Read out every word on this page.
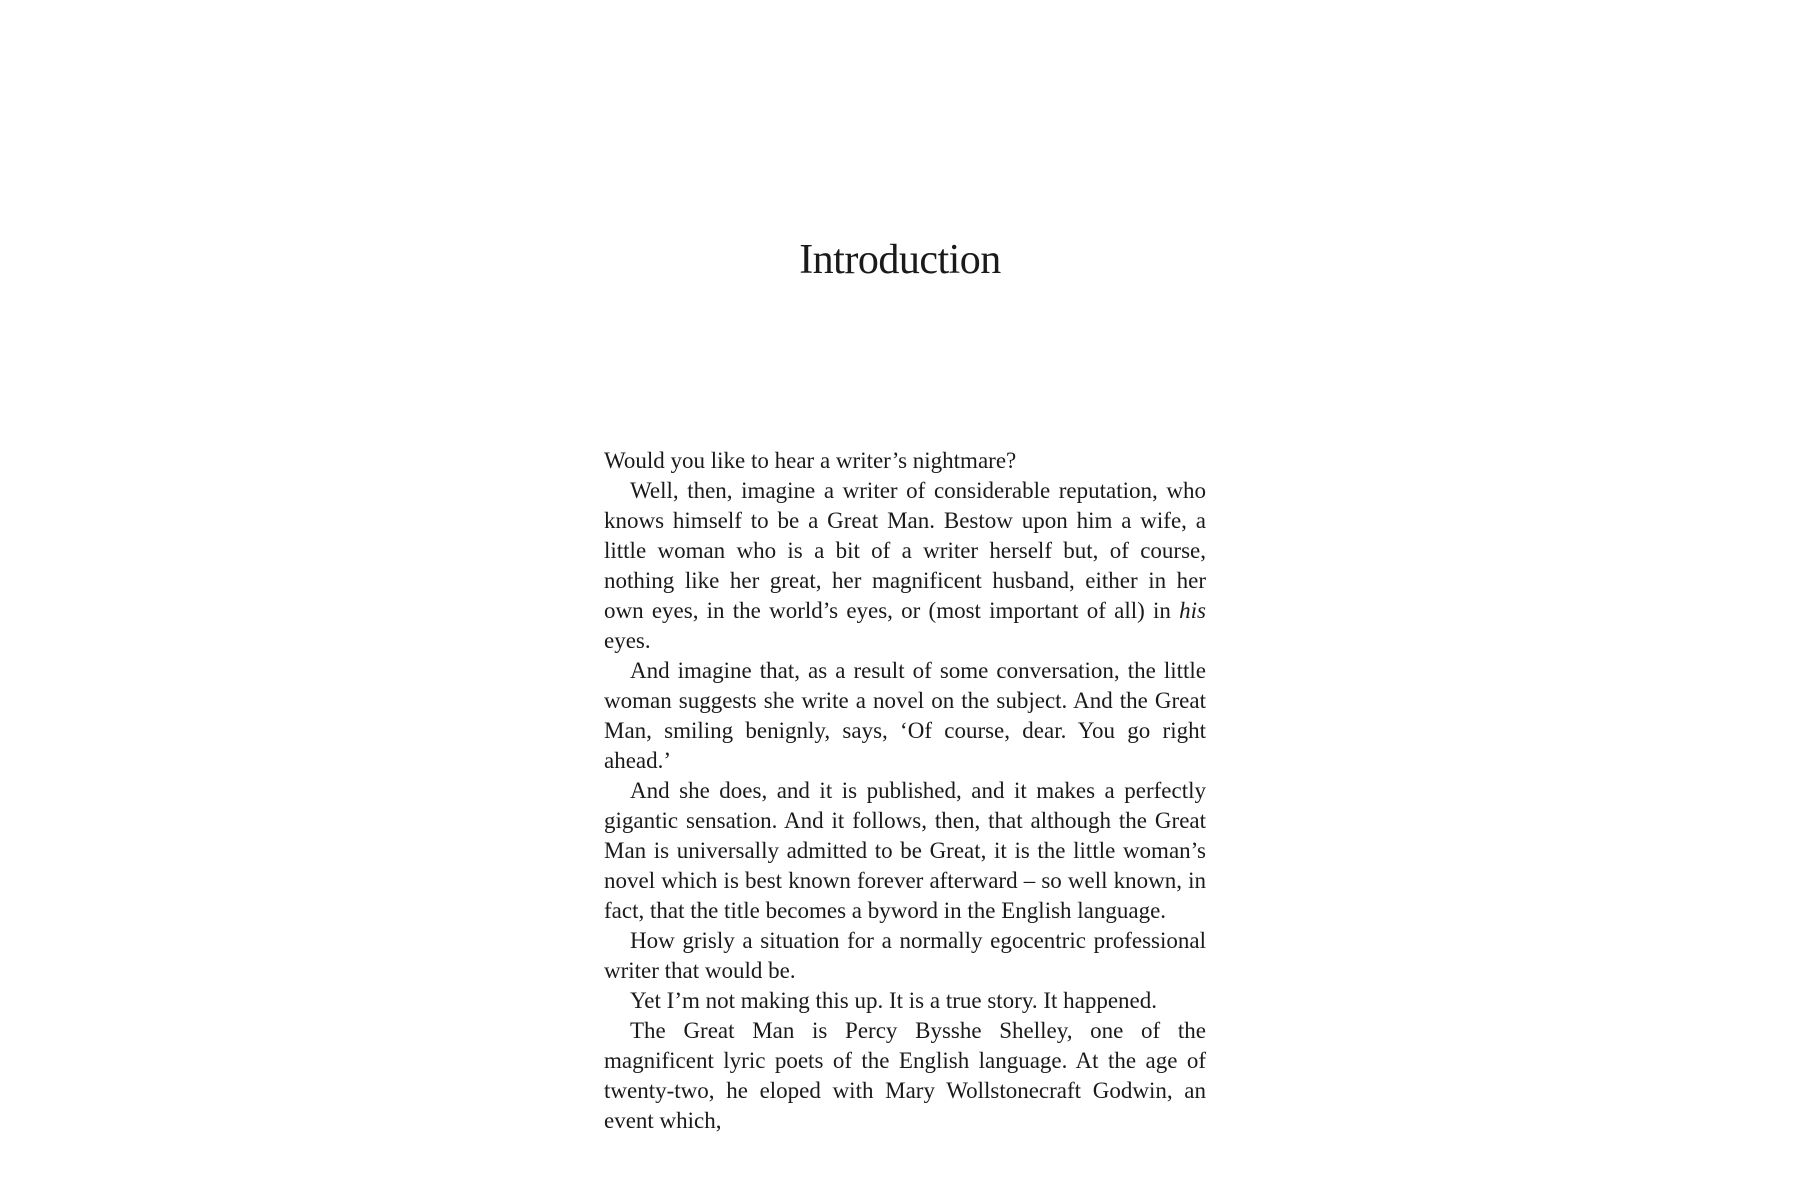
Introduction

Would you like to hear a writer’s nightmare?

Well, then, imagine a writer of considerable reputation, who knows himself to be a Great Man. Bestow upon him a wife, a little woman who is a bit of a writer herself but, of course, nothing like her great, her magnificent husband, either in her own eyes, in the world’s eyes, or (most important of all) in his eyes.

And imagine that, as a result of some conversation, the little woman suggests she write a novel on the subject. And the Great Man, smiling benignly, says, ‘Of course, dear. You go right ahead.’

And she does, and it is published, and it makes a perfectly gigantic sensation. And it follows, then, that although the Great Man is universally admitted to be Great, it is the little woman’s novel which is best known forever afterward – so well known, in fact, that the title becomes a byword in the English language.

How grisly a situation for a normally egocentric professional writer that would be.

Yet I’m not making this up. It is a true story. It happened.

The Great Man is Percy Bysshe Shelley, one of the magnificent lyric poets of the English language. At the age of twenty-two, he eloped with Mary Wollstonecraft Godwin, an event which,
